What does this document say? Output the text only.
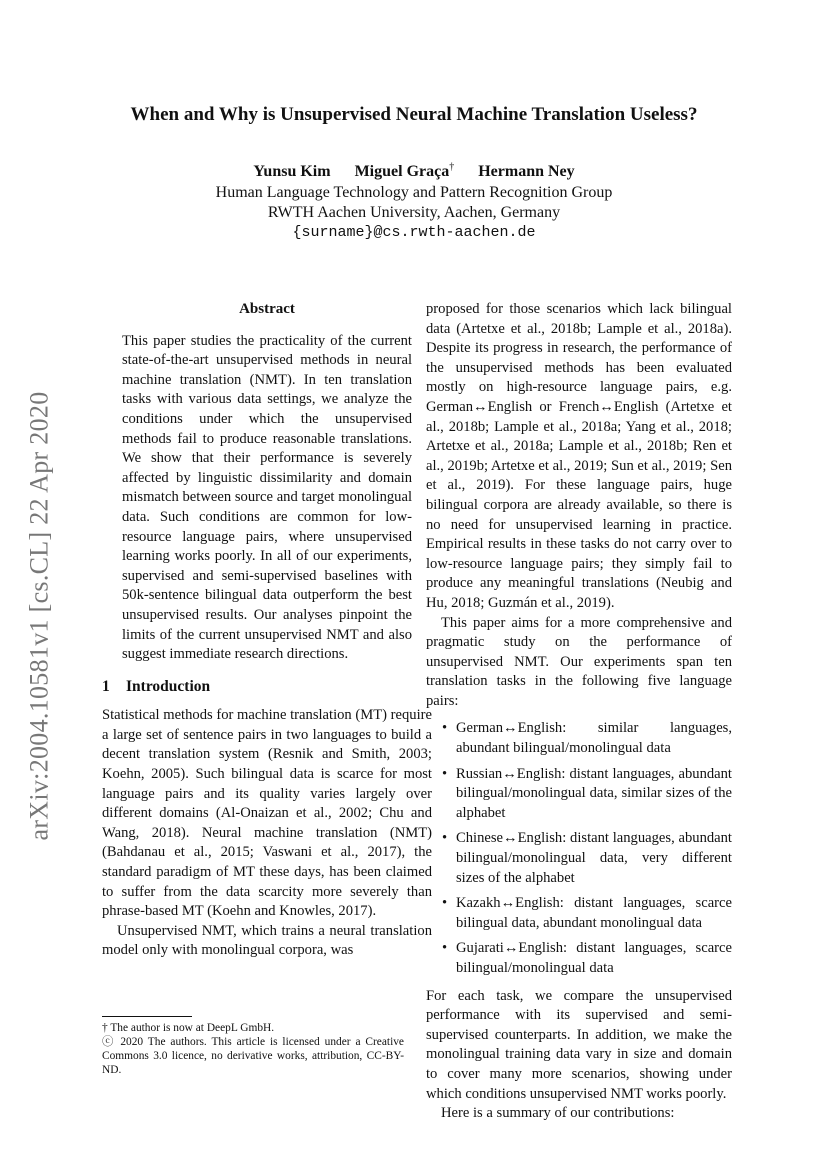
arXiv:2004.10581v1 [cs.CL] 22 Apr 2020
When and Why is Unsupervised Neural Machine Translation Useless?
Yunsu Kim Miguel Graça† Hermann Ney
Human Language Technology and Pattern Recognition Group
RWTH Aachen University, Aachen, Germany
{surname}@cs.rwth-aachen.de
Abstract

This paper studies the practicality of the current state-of-the-art unsupervised methods in neural machine translation (NMT). In ten translation tasks with various data settings, we analyze the conditions under which the unsupervised methods fail to produce reasonable translations. We show that their performance is severely affected by linguistic dissimilarity and domain mismatch between source and target monolingual data. Such conditions are common for low-resource language pairs, where unsupervised learning works poorly. In all of our experiments, supervised and semi-supervised baselines with 50k-sentence bilingual data outperform the best unsupervised results. Our analyses pinpoint the limits of the current unsupervised NMT and also suggest immediate research directions.

1 Introduction

Statistical methods for machine translation (MT) require a large set of sentence pairs in two languages to build a decent translation system (Resnik and Smith, 2003; Koehn, 2005). Such bilingual data is scarce for most language pairs and its quality varies largely over different domains (Al-Onaizan et al., 2002; Chu and Wang, 2018). Neural machine translation (NMT) (Bahdanau et al., 2015; Vaswani et al., 2017), the standard paradigm of MT these days, has been claimed to suffer from the data scarcity more severely than phrase-based MT (Koehn and Knowles, 2017).

Unsupervised NMT, which trains a neural translation model only with monolingual corpora, was

proposed for those scenarios which lack bilingual data (Artetxe et al., 2018b; Lample et al., 2018a). Despite its progress in research, the performance of the unsupervised methods has been evaluated mostly on high-resource language pairs, e.g. German↔English or French↔English (Artetxe et al., 2018b; Lample et al., 2018a; Yang et al., 2018; Artetxe et al., 2018a; Lample et al., 2018b; Ren et al., 2019b; Artetxe et al., 2019; Sun et al., 2019; Sen et al., 2019). For these language pairs, huge bilingual corpora are already available, so there is no need for unsupervised learning in practice. Empirical results in these tasks do not carry over to low-resource language pairs; they simply fail to produce any meaningful translations (Neubig and Hu, 2018; Guzmán et al., 2019).

This paper aims for a more comprehensive and pragmatic study on the performance of unsupervised NMT. Our experiments span ten translation tasks in the following five language pairs:

• German↔English: similar languages, abundant bilingual/monolingual data
• Russian↔English: distant languages, abundant bilingual/monolingual data, similar sizes of the alphabet
• Chinese↔English: distant languages, abundant bilingual/monolingual data, very different sizes of the alphabet
• Kazakh↔English: distant languages, scarce bilingual data, abundant monolingual data
• Gujarati↔English: distant languages, scarce bilingual/monolingual data

For each task, we compare the unsupervised performance with its supervised and semi-supervised counterparts. In addition, we make the monolingual training data vary in size and domain to cover many more scenarios, showing under which conditions unsupervised NMT works poorly.

Here is a summary of our contributions:

† The author is now at DeepL GmbH.

ⓒ 2020 The authors. This article is licensed under a Creative Commons 3.0 licence, no derivative works, attribution, CC-BY-ND.
